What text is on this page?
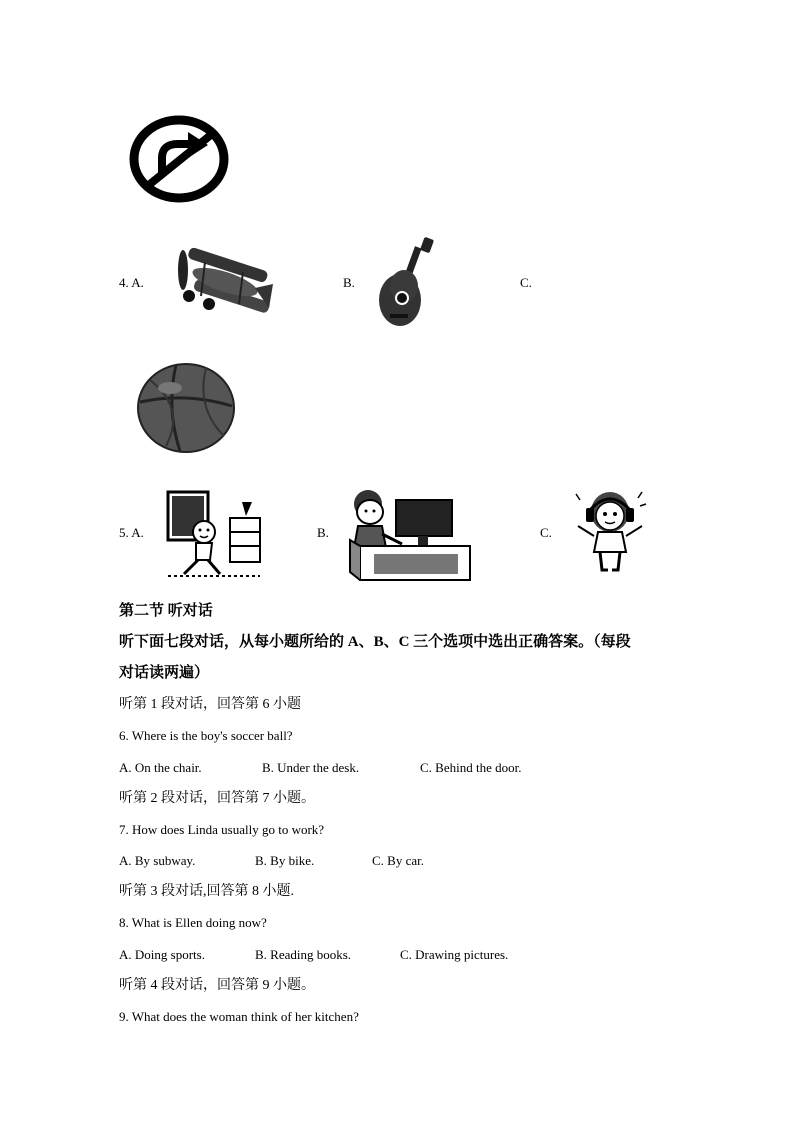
4. A.	B.	C.
5. A.	B.	C.
第二节 听对话
听下面七段对话，从每小题所给的 A、B、C 三个选项中选出正确答案。（每段
对话读两遍）
听第 1 段对话，回答第 6 小题
6. Where is the boy's soccer ball?
A. On the chair.	B. Under the desk.	C. Behind the door.
听第 2 段对话，回答第 7 小题。
7. How does Linda usually go to work?
A. By subway.	B. By bike.	C. By car.
听第 3 段对话,回答第 8 小题.
8. What is Ellen doing now?
A. Doing sports.	B. Reading books.	C. Drawing pictures.
听第 4 段对话，回答第 9 小题。
9. What does the woman think of her kitchen?
